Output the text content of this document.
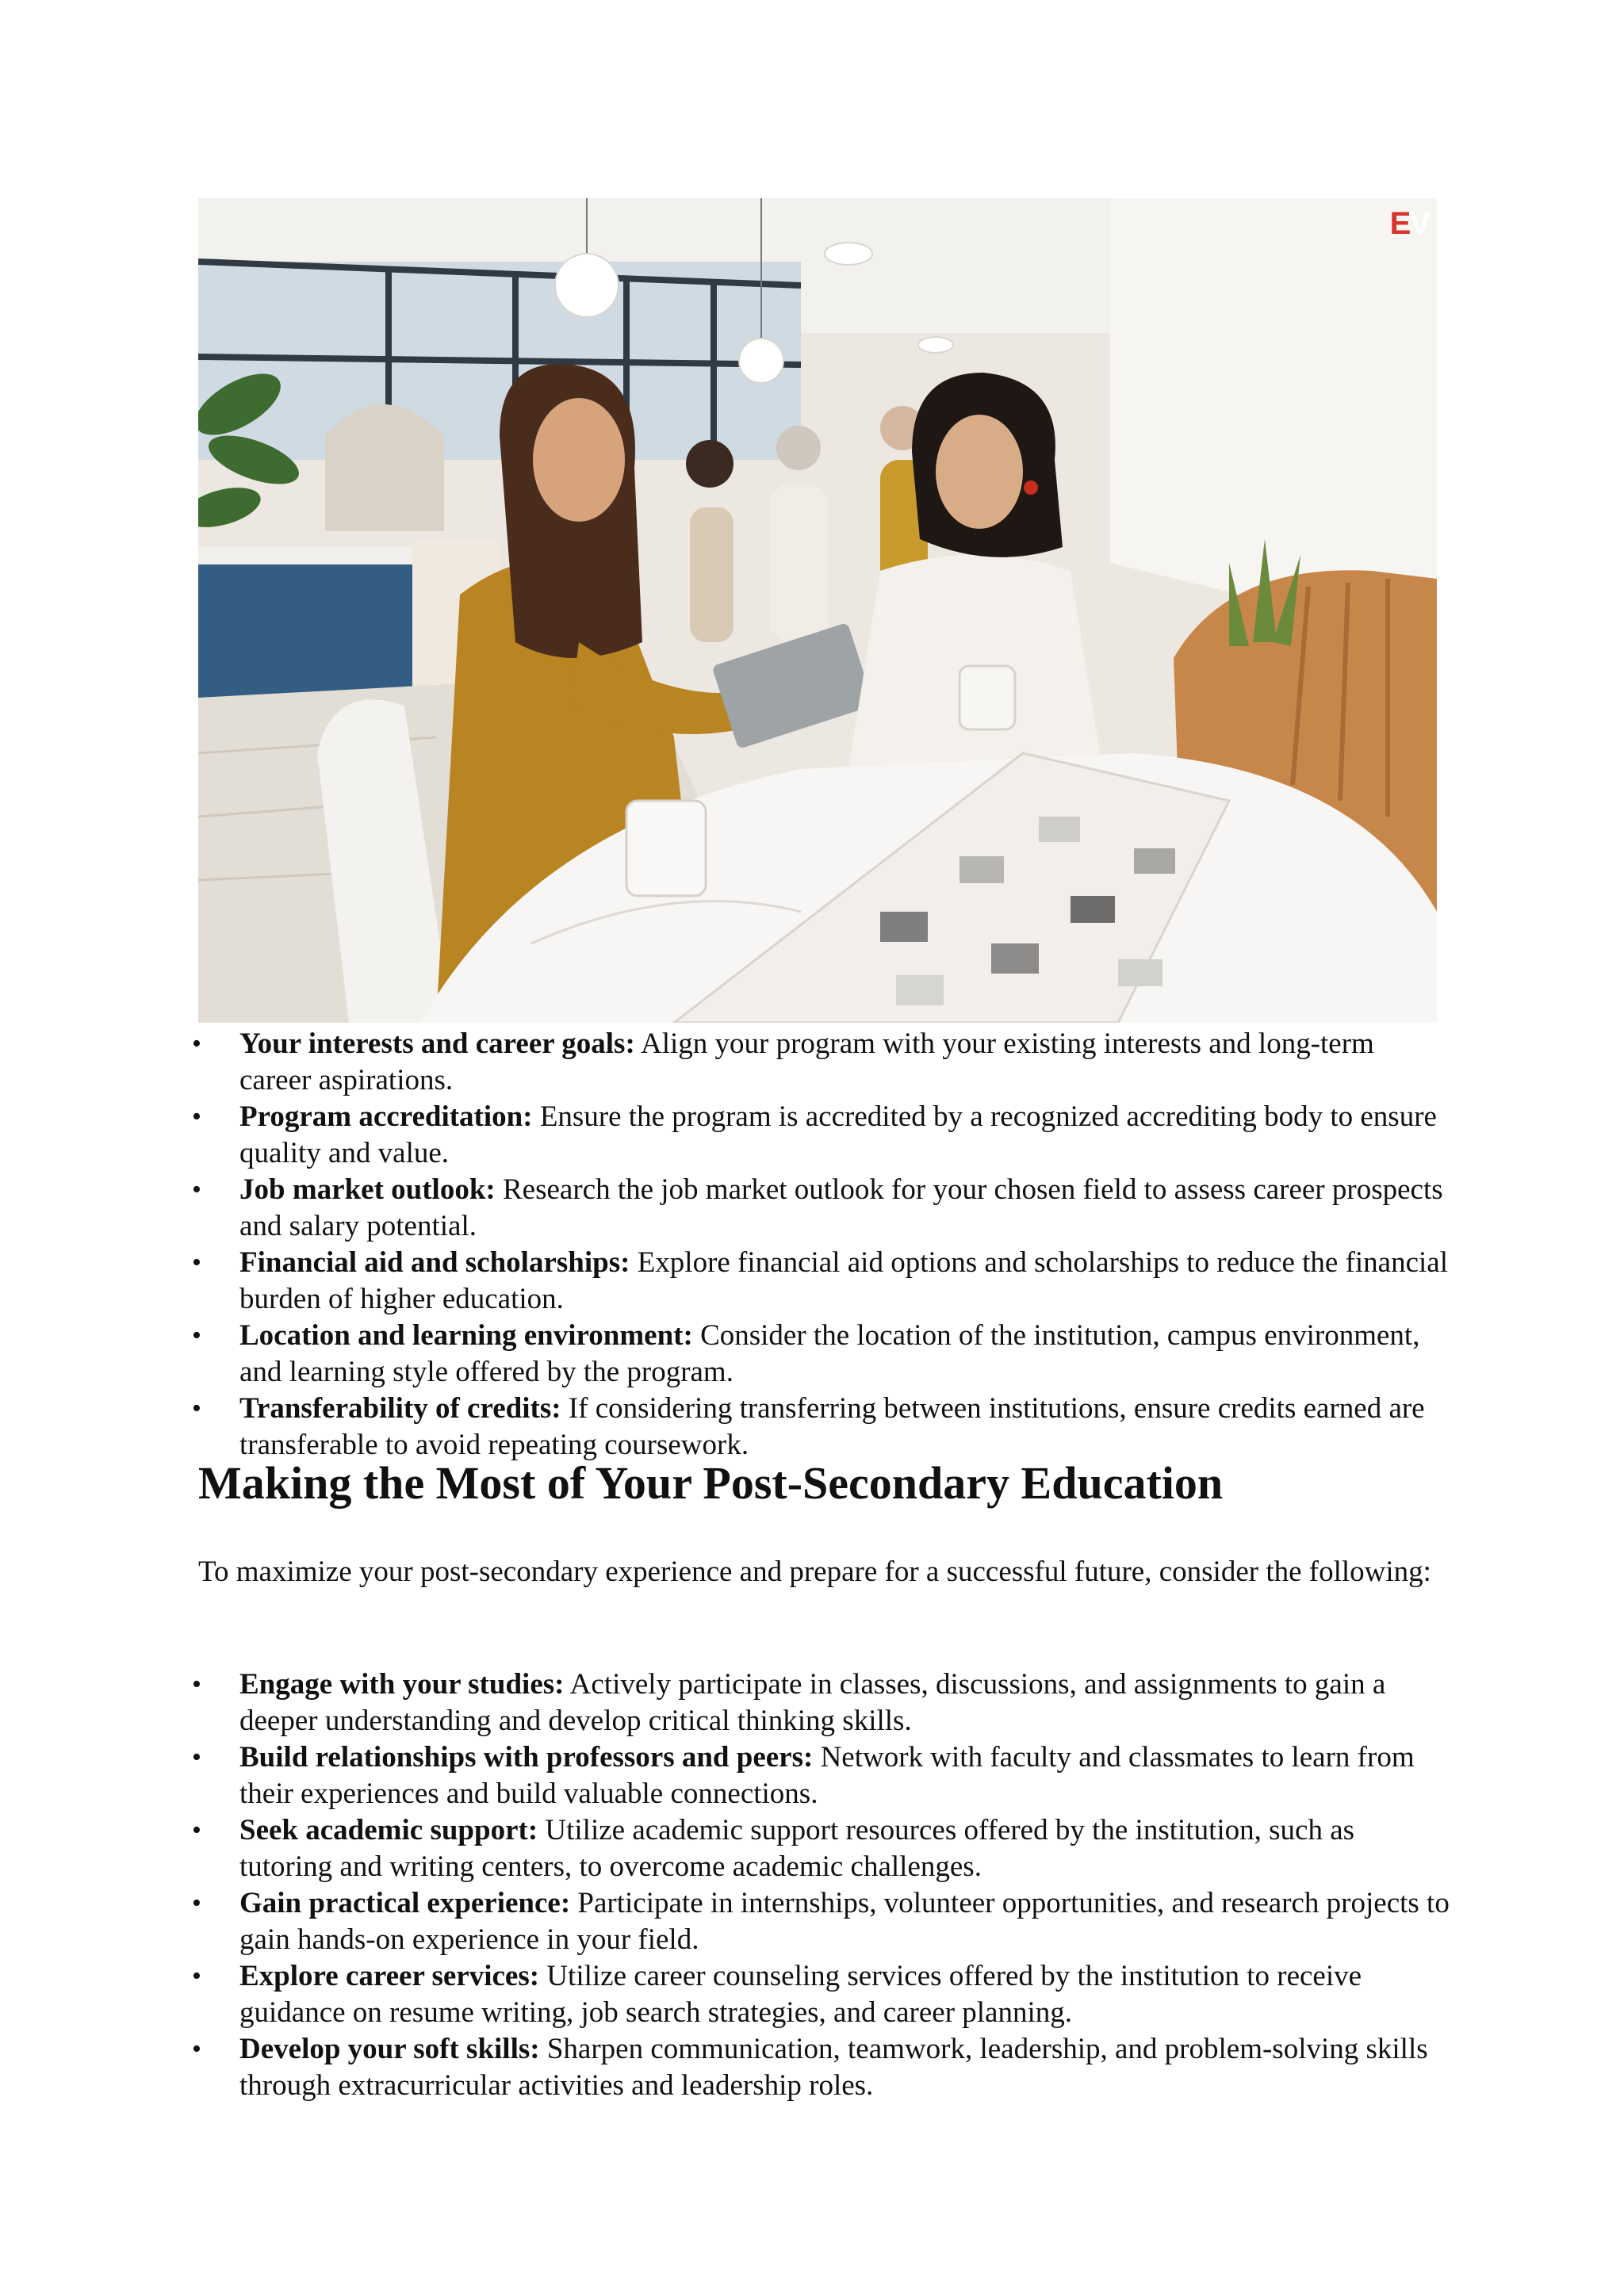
EV
• Your interests and career goals: Align your program with your existing interests and long-term career aspirations.
• Program accreditation: Ensure the program is accredited by a recognized accrediting body to ensure quality and value.
• Job market outlook: Research the job market outlook for your chosen field to assess career prospects and salary potential.
• Financial aid and scholarships: Explore financial aid options and scholarships to reduce the financial burden of higher education.
• Location and learning environment: Consider the location of the institution, campus environment, and learning style offered by the program.
• Transferability of credits: If considering transferring between institutions, ensure credits earned are transferable to avoid repeating coursework.
Making the Most of Your Post-Secondary Education

To maximize your post-secondary experience and prepare for a successful future, consider the following:

• Engage with your studies: Actively participate in classes, discussions, and assignments to gain a deeper understanding and develop critical thinking skills.
• Build relationships with professors and peers: Network with faculty and classmates to learn from their experiences and build valuable connections.
• Seek academic support: Utilize academic support resources offered by the institution, such as tutoring and writing centers, to overcome academic challenges.
• Gain practical experience: Participate in internships, volunteer opportunities, and research projects to gain hands-on experience in your field.
• Explore career services: Utilize career counseling services offered by the institution to receive guidance on resume writing, job search strategies, and career planning.
• Develop your soft skills: Sharpen communication, teamwork, leadership, and problem-solving skills through extracurricular activities and leadership roles.
